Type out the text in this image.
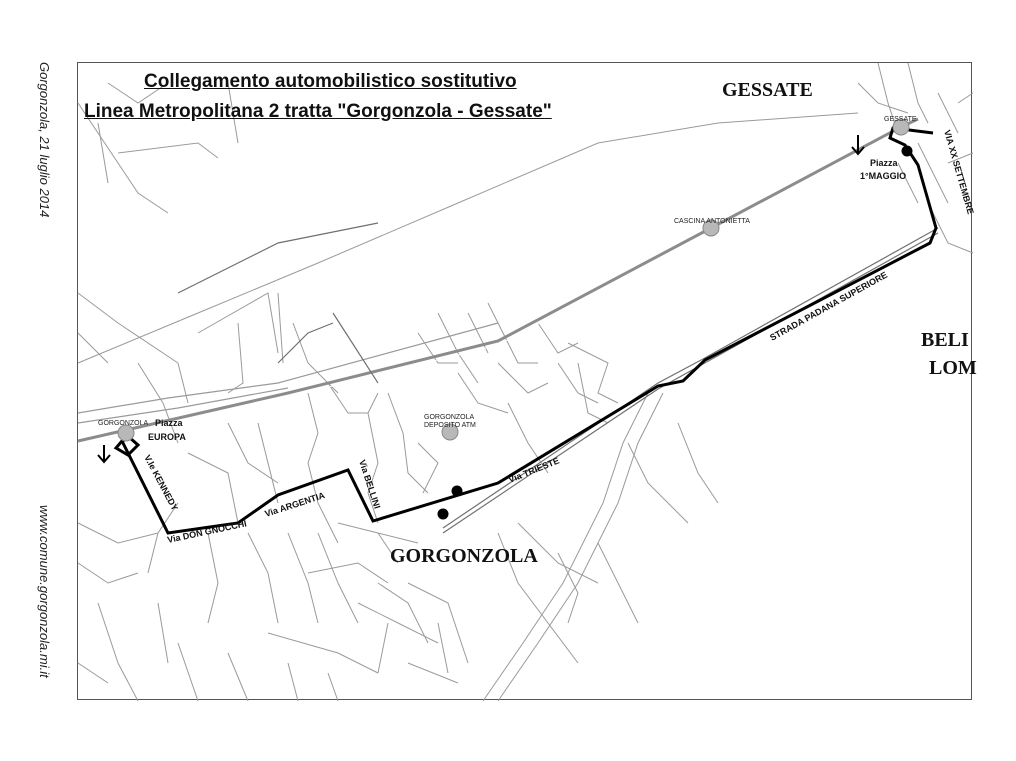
Gorgonzola, 21 luglio 2014
www.comune.gorgonzola.mi.it
GORGONZOLA
GESSATE
CASCINA ANTONIETTA
GORGONZOLA
DEPOSITO ATM
Piazza
EUROPA
V.le KENNEDY
Via DON GNOCCHI
Via ARGENTIA	Via BELLINI	Via TRIESTE
STRADA PADANA SUPERIORE
VIA XX SETTEMBRE
Piazza
1°MAGGIO
Collegamento automobilistico sostitutivo
Linea Metropolitana 2 tratta "Gorgonzola - Gessate"
GESSATE
GORGONZOLA
BELI
LOM
